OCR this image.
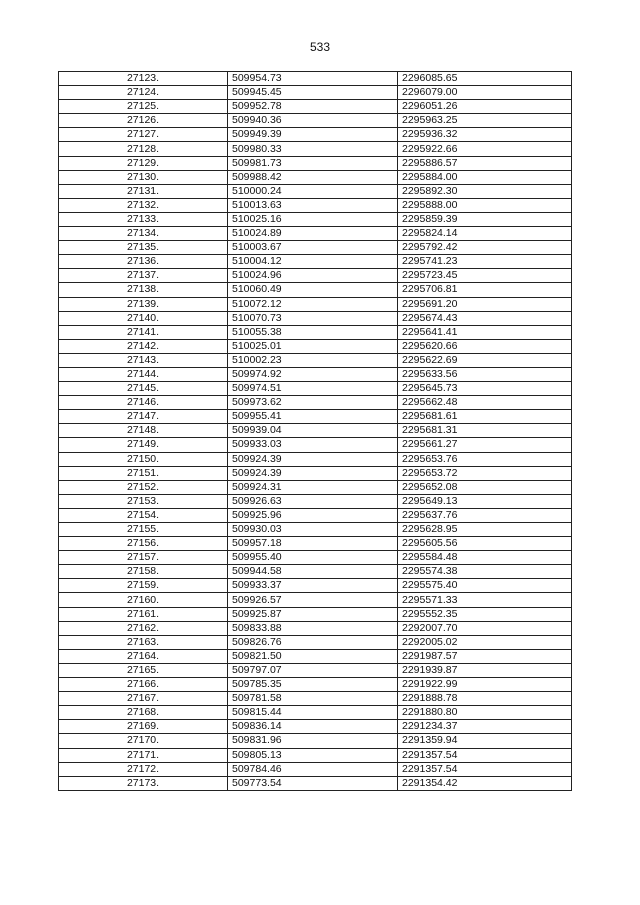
533
27123.	509954.73	2296085.65
27124.	509945.45	2296079.00
27125.	509952.78	2296051.26
27126.	509940.36	2295963.25
27127.	509949.39	2295936.32
27128.	509980.33	2295922.66
27129.	509981.73	2295886.57
27130.	509988.42	2295884.00
27131.	510000.24	2295892.30
27132.	510013.63	2295888.00
27133.	510025.16	2295859.39
27134.	510024.89	2295824.14
27135.	510003.67	2295792.42
27136.	510004.12	2295741.23
27137.	510024.96	2295723.45
27138.	510060.49	2295706.81
27139.	510072.12	2295691.20
27140.	510070.73	2295674.43
27141.	510055.38	2295641.41
27142.	510025.01	2295620.66
27143.	510002.23	2295622.69
27144.	509974.92	2295633.56
27145.	509974.51	2295645.73
27146.	509973.62	2295662.48
27147.	509955.41	2295681.61
27148.	509939.04	2295681.31
27149.	509933.03	2295661.27
27150.	509924.39	2295653.76
27151.	509924.39	2295653.72
27152.	509924.31	2295652.08
27153.	509926.63	2295649.13
27154.	509925.96	2295637.76
27155.	509930.03	2295628.95
27156.	509957.18	2295605.56
27157.	509955.40	2295584.48
27158.	509944.58	2295574.38
27159.	509933.37	2295575.40
27160.	509926.57	2295571.33
27161.	509925.87	2295552.35
27162.	509833.88	2292007.70
27163.	509826.76	2292005.02
27164.	509821.50	2291987.57
27165.	509797.07	2291939.87
27166.	509785.35	2291922.99
27167.	509781.58	2291888.78
27168.	509815.44	2291880.80
27169.	509836.14	2291234.37
27170.	509831.96	2291359.94
27171.	509805.13	2291357.54
27172.	509784.46	2291357.54
27173.	509773.54	2291354.42
